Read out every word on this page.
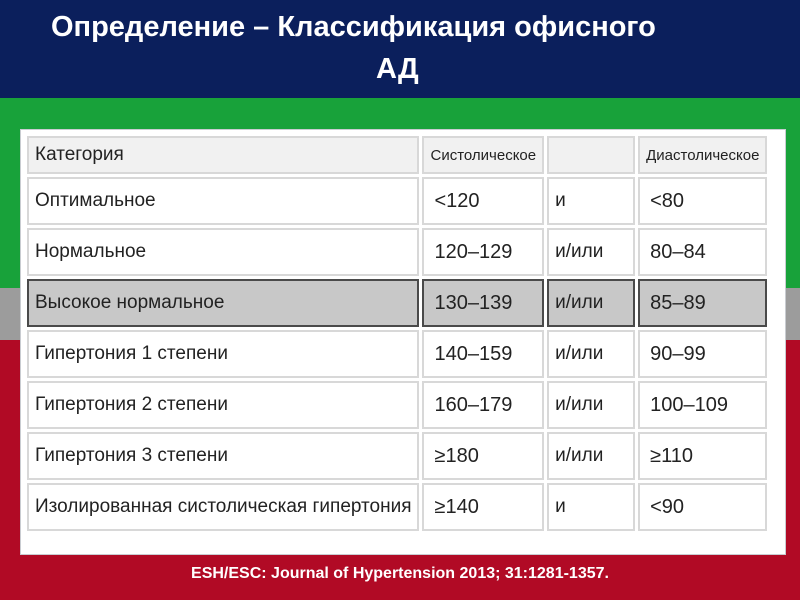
Определение – Классификация офисного
АД
Категория	Систолическое		Диастолическое
Оптимальное	<120	и	<80
Нормальное	120–129	и/или	80–84
Высокое нормальное	130–139	и/или	85–89
Гипертония 1 степени	140–159	и/или	90–99
Гипертония 2 степени	160–179	и/или	100–109
Гипертония 3 степени	≥180	и/или	≥110
Изолированная систолическая гипертония	≥140	и	<90
ESH/ESC: Journal of Hypertension 2013; 31:1281-1357.
